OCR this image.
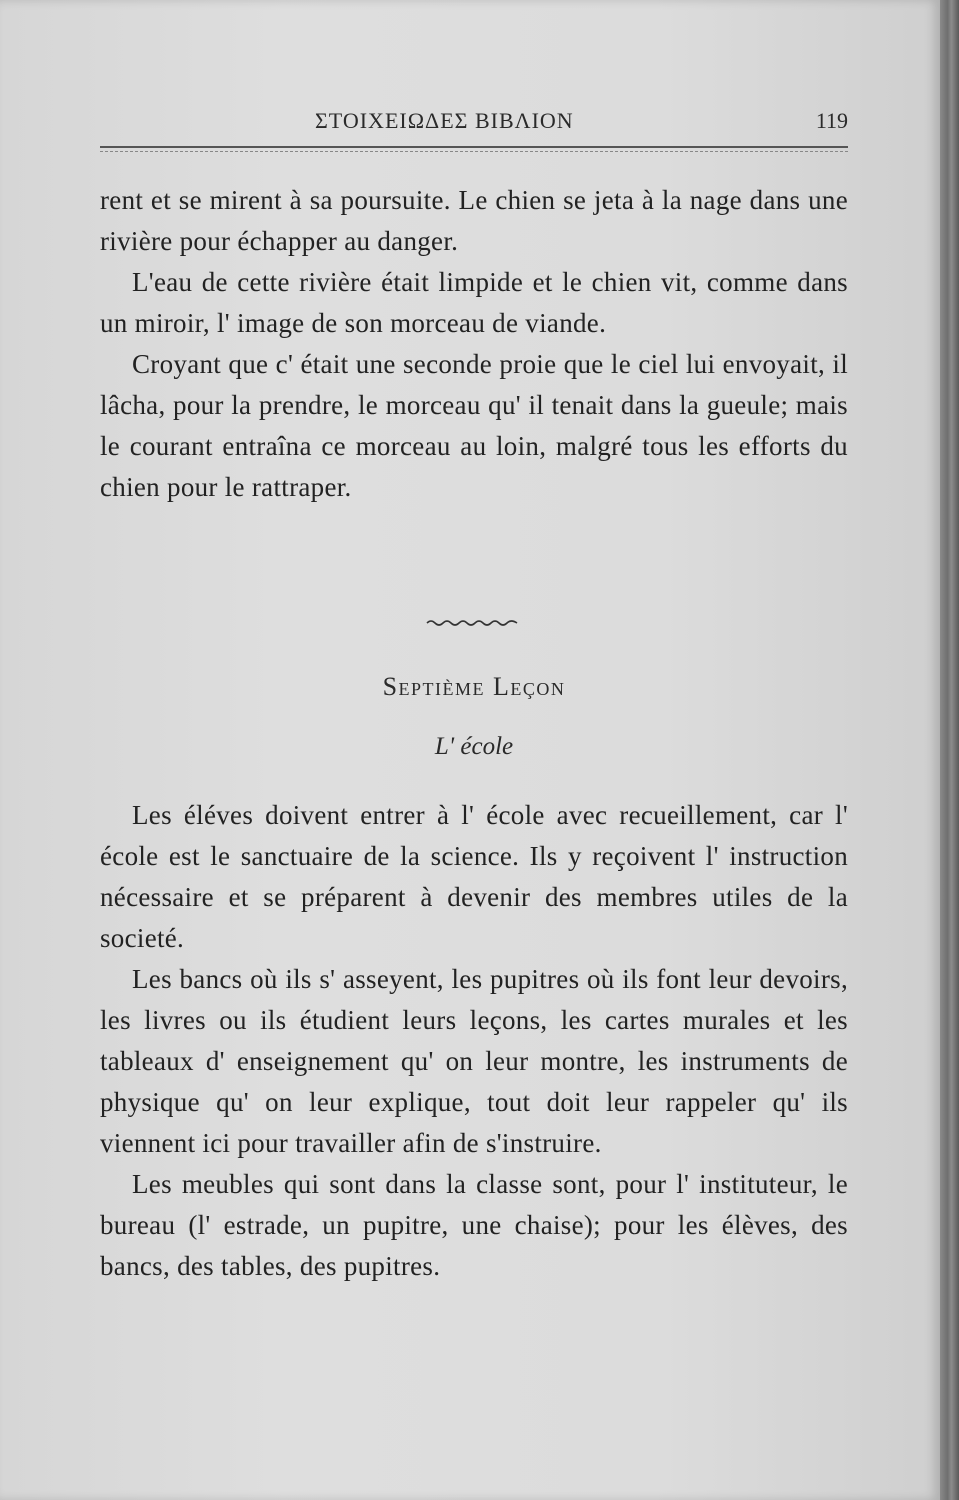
ΣΤΟΙΧΕΙΩΔΕΣ ΒΙΒΛΙΟΝ	119

rent et se mirent à sa poursuite. Le chien se jeta à la nage dans une rivière pour échapper au danger.

L'eau de cette rivière était limpide et le chien vit, comme dans un miroir, l' image de son morceau de viande.

Croyant que c' était une seconde proie que le ciel lui envoyait, il lâcha, pour la prendre, le morceau qu' il tenait dans la gueule; mais le courant entraîna ce morceau au loin, malgré tous les efforts du chien pour le rattraper.

Septième Leçon
L' école

Les éléves doivent entrer à l' école avec recueillement, car l' école est le sanctuaire de la science. Ils y reçoivent l' instruction nécessaire et se préparent à devenir des membres utiles de la societé.

Les bancs où ils s' asseyent, les pupitres où ils font leur devoirs, les livres ou ils étudient leurs leçons, les cartes murales et les tableaux d' enseignement qu' on leur montre, les instruments de physique qu' on leur explique, tout doit leur rappeler qu' ils viennent ici pour travailler afin de s'instruire.

Les meubles qui sont dans la classe sont, pour l' instituteur, le bureau (l' estrade, un pupitre, une chaise); pour les élèves, des bancs, des tables, des pupitres.
